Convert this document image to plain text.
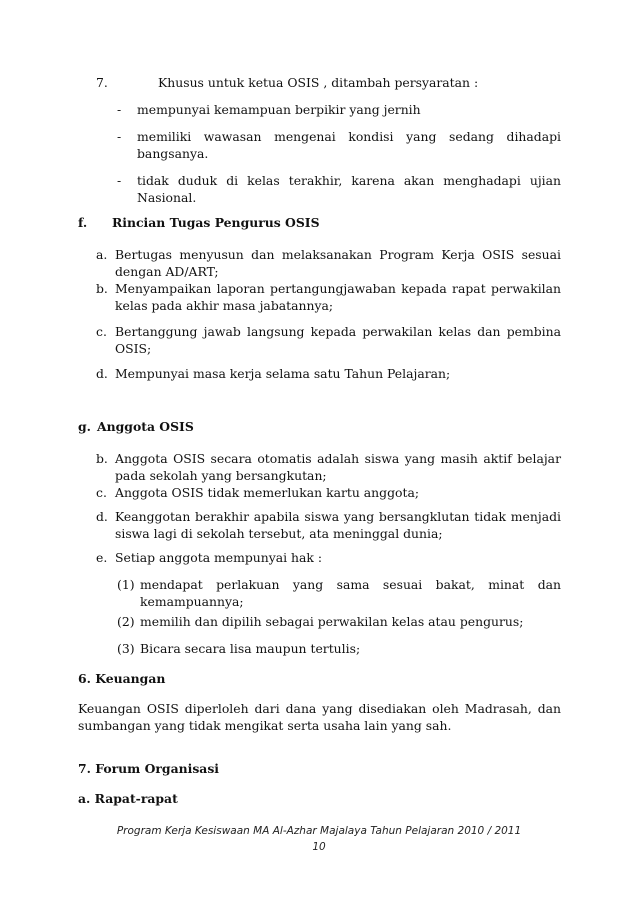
7.	Khusus untuk ketua OSIS , ditambah persyaratan :
- mempunyai kemampuan berpikir yang jernih
- memiliki wawasan mengenai kondisi yang sedang dihadapi
bangsanya.
- tidak duduk di kelas terakhir, karena akan menghadapi ujian
Nasional.
f. Rincian Tugas Pengurus OSIS
a. Bertugas menyusun dan melaksanakan Program Kerja OSIS sesuai
dengan AD/ART;
b. Menyampaikan laporan pertangungjawaban kepada rapat perwakilan
kelas pada akhir masa jabatannya;
c. Bertanggung jawab langsung kepada perwakilan kelas dan pembina
OSIS;
d. Mempunyai masa kerja selama satu Tahun Pelajaran;
g. Anggota OSIS
b. Anggota OSIS secara otomatis adalah siswa yang masih aktif belajar
pada sekolah yang bersangkutan;
c. Anggota OSIS tidak memerlukan kartu anggota;
d. Keanggotan berakhir apabila siswa yang bersangklutan tidak menjadi
siswa lagi di sekolah tersebut, ata meninggal dunia;
e. Setiap anggota mempunyai hak :
(1) mendapat perlakuan yang sama sesuai bakat, minat dan
kemampuannya;
(2) memilih dan dipilih sebagai perwakilan kelas atau pengurus;
(3) Bicara secara lisa maupun tertulis;
6. Keuangan
Keuangan OSIS diperloleh dari dana yang disediakan oleh Madrasah, dan
sumbangan yang tidak mengikat serta usaha lain yang sah.
7. Forum Organisasi
a. Rapat-rapat
Program Kerja Kesiswaan MA Al-Azhar Majalaya Tahun Pelajaran 2010 / 2011
10
